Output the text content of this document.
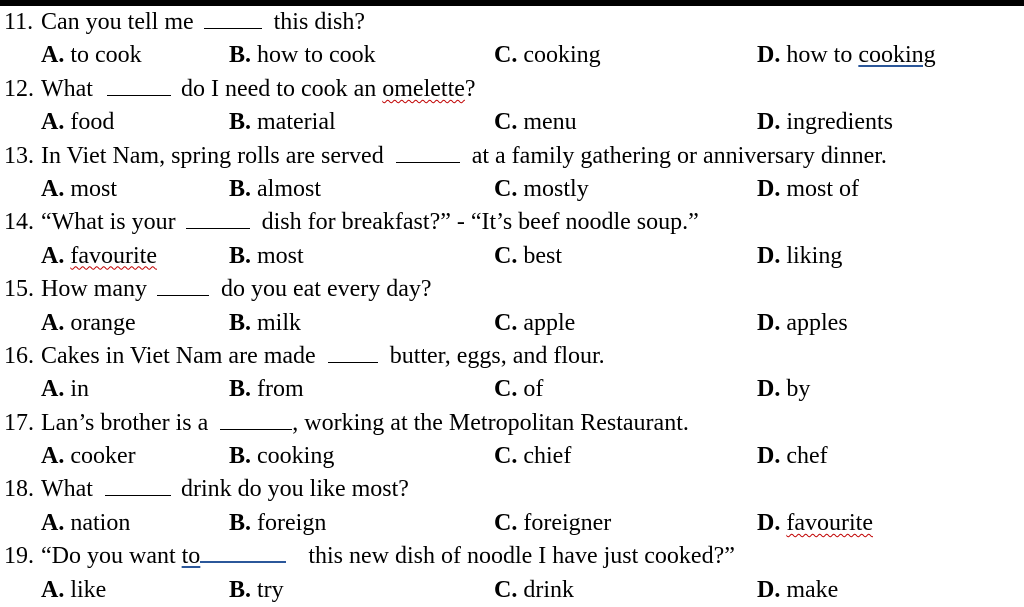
11. Can you tell me	this dish?
A. to cook	B. how to cook	C. cooking	D. how to cooking
12. What	do I need to cook an omelette?
A. food	B. material	C. menu	D. ingredients
13. In Viet Nam, spring rolls are served	at a family gathering or anniversary dinner.
A. most	B. almost	C. mostly	D. most of
14. “What is your	dish for breakfast?” - “It’s beef noodle soup.”
A. favourite	B. most	C. best	D. liking
15. How many	do you eat every day?
A. orange	B. milk	C. apple	D. apples
16. Cakes in Viet Nam are made	butter, eggs, and flour.
A. in	B. from	C. of	D. by
17. Lan’s brother is a	, working at the Metropolitan Restaurant.
A. cooker	B. cooking	C. chief	D. chef
18. What	drink do you like most?
A. nation	B. foreign	C. foreigner	D. favourite
19. “Do you want to	this new dish of noodle I have just cooked?”
A. like	B. try	C. drink	D. make
